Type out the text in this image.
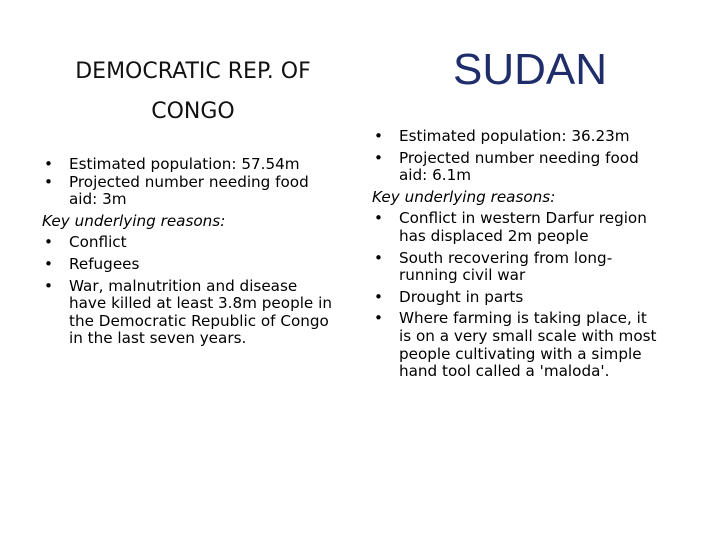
DEMOCRATIC REP. OF
CONGO
SUDAN
• Estimated population: 57.54m
• Projected number needing food
aid: 3m
Key underlying reasons:
• Conflict
• Refugees
• War, malnutrition and disease
have killed at least 3.8m people in
the Democratic Republic of Congo
in the last seven years.
• Estimated population: 36.23m
• Projected number needing food
aid: 6.1m
Key underlying reasons:
• Conflict in western Darfur region
has displaced 2m people
• South recovering from long-
running civil war
• Drought in parts
• Where farming is taking place, it
is on a very small scale with most
people cultivating with a simple
hand tool called a 'maloda'.
